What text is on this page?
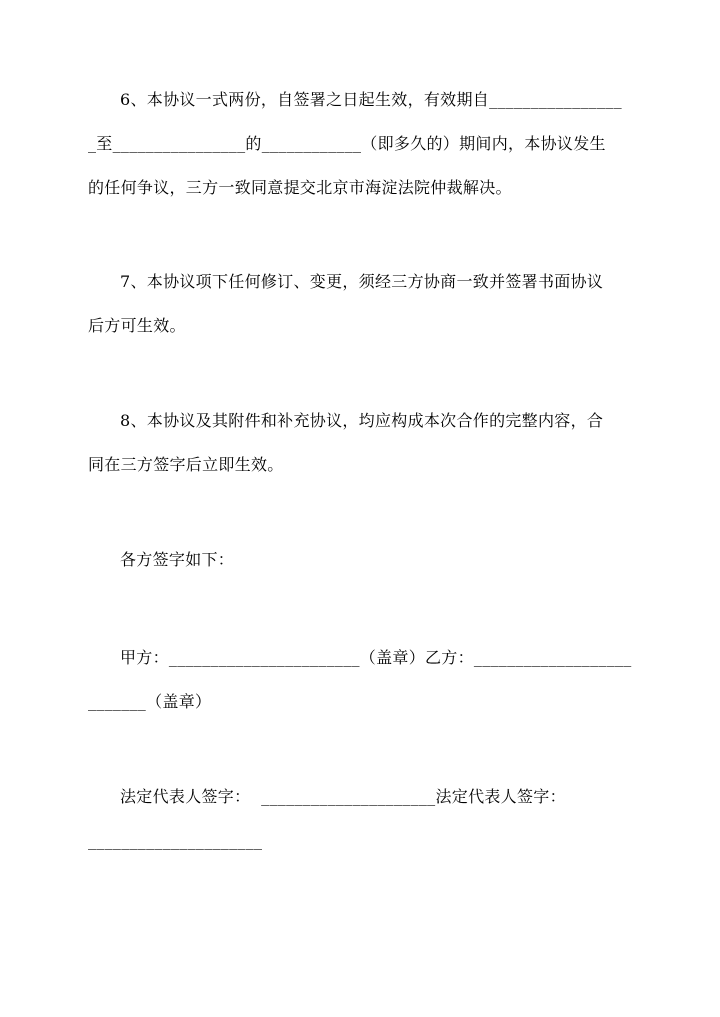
6、本协议一式两份，自签署之日起生效，有效期自________________
_至________________的____________（即多久的）期间内，本协议发生
的任何争议，三方一致同意提交北京市海淀法院仲裁解决。
7、本协议项下任何修订、变更，须经三方协商一致并签署书面协议
后方可生效。
8、本协议及其附件和补充协议，均应构成本次合作的完整内容，合
同在三方签字后立即生效。
各方签字如下：
甲方：_______________________（盖章）乙方：___________________
_______（盖章）
法定代表人签字：  _____________________法定代表人签字：
_____________________
